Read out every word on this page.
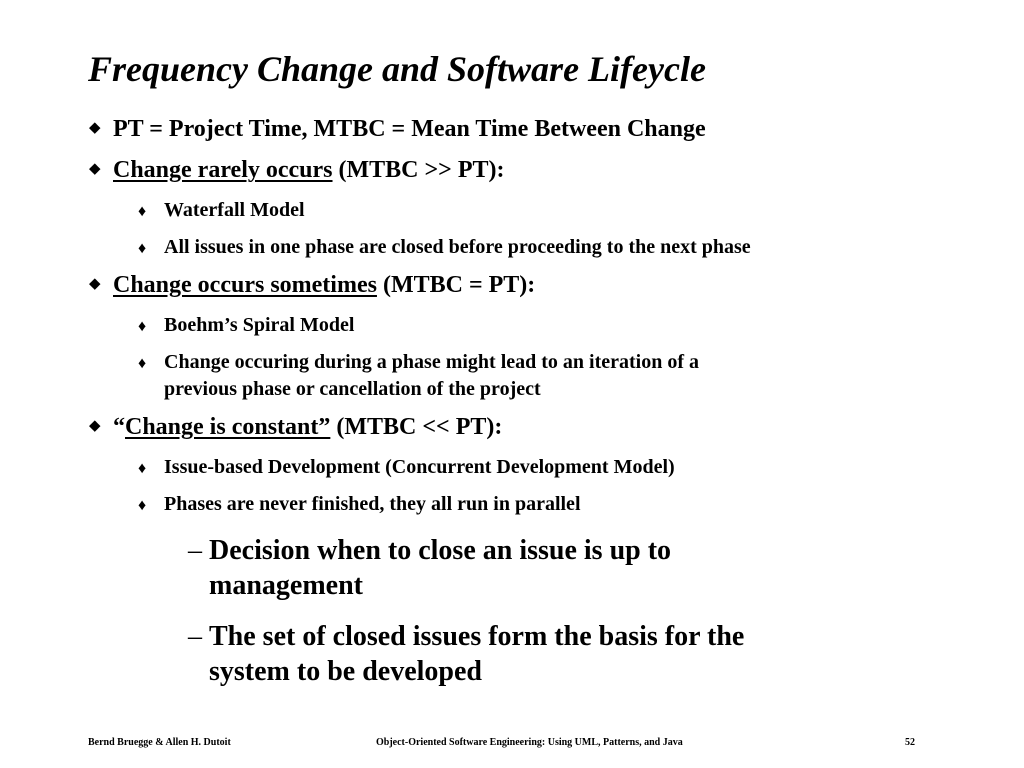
Frequency Change and Software Lifeycle
◆ PT = Project Time, MTBC = Mean Time Between Change
◆ Change rarely occurs (MTBC >> PT):
♦ Waterfall Model
♦ All issues in one phase are closed before proceeding to the next phase
◆ Change occurs sometimes (MTBC = PT):
♦ Boehm’s Spiral Model
♦ Change occuring during a phase might lead to an iteration of a
previous phase or cancellation of the project
◆ “Change is constant” (MTBC << PT):
♦ Issue-based Development (Concurrent Development Model)
♦ Phases are never finished, they all run in parallel
– Decision when to close an issue is up to
management
– The set of closed issues form the basis for the
system to be developed
Bernd Bruegge & Allen H. Dutoit	Object-Oriented Software Engineering: Using UML, Patterns, and Java	52
